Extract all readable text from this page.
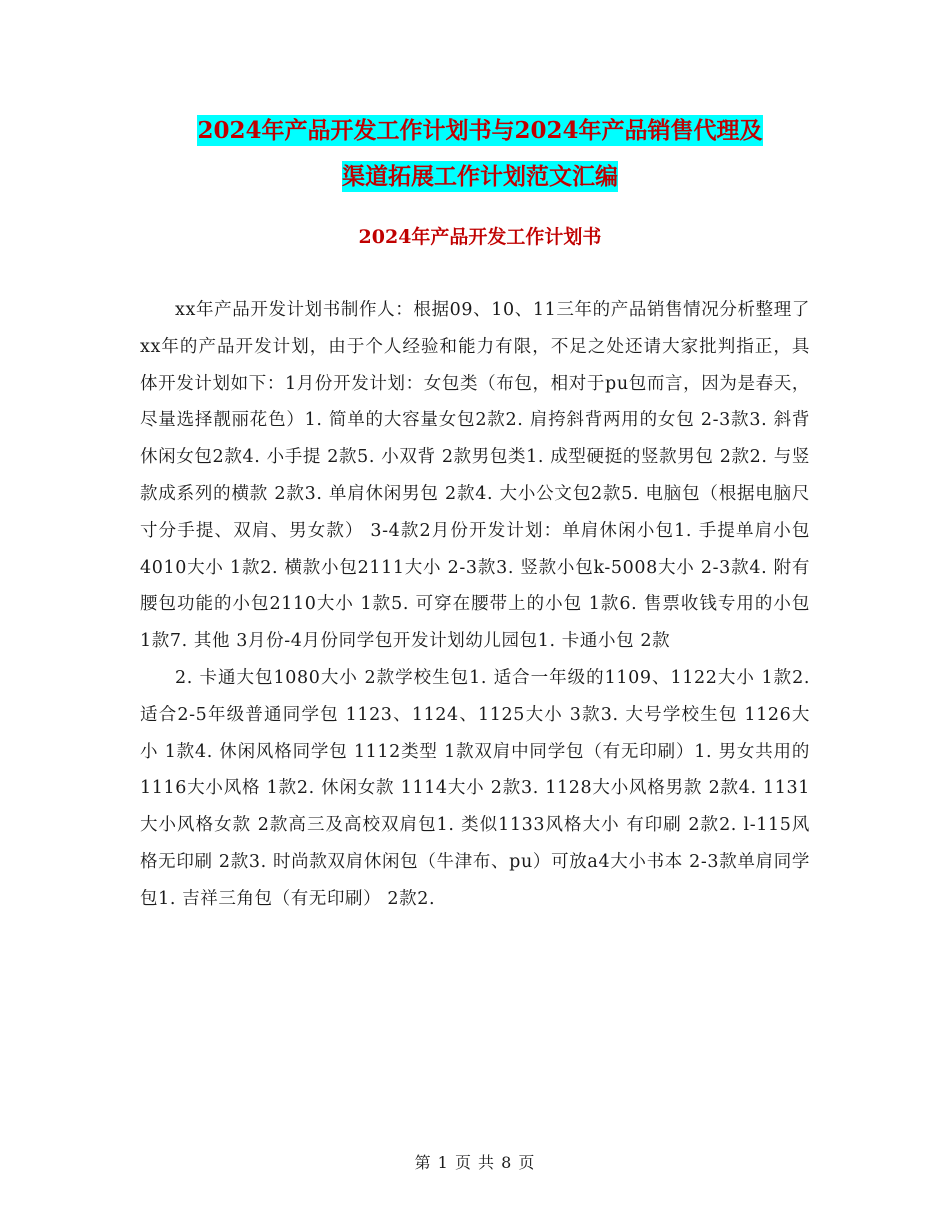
2024年产品开发工作计划书与2024年产品销售代理及
渠道拓展工作计划范文汇编
2024年产品开发工作计划书

xx年产品开发计划书制作人：根据09、10、11三年的产品销售情况分析整理了xx年的产品开发计划，由于个人经验和能力有限，不足之处还请大家批判指正，具体开发计划如下：1月份开发计划：女包类（布包，相对于pu包而言，因为是春天，尽量选择靓丽花色）1. 简单的大容量女包2款2. 肩挎斜背两用的女包 2-3款3. 斜背休闲女包2款4. 小手提 2款5. 小双背 2款男包类1. 成型硬挺的竖款男包 2款2. 与竖款成系列的横款 2款3. 单肩休闲男包 2款4. 大小公文包2款5. 电脑包（根据电脑尺寸分手提、双肩、男女款） 3-4款2月份开发计划：单肩休闲小包1. 手提单肩小包4010大小 1款2. 横款小包2111大小 2-3款3. 竖款小包k-5008大小 2-3款4. 附有腰包功能的小包2110大小 1款5. 可穿在腰带上的小包 1款6. 售票收钱专用的小包 1款7. 其他 3月份-4月份同学包开发计划幼儿园包1. 卡通小包 2款

2. 卡通大包1080大小 2款学校生包1. 适合一年级的1109、1122大小 1款2. 适合2-5年级普通同学包 1123、1124、1125大小 3款3. 大号学校生包 1126大小 1款4. 休闲风格同学包 1112类型 1款双肩中同学包（有无印刷）1. 男女共用的1116大小风格 1款2. 休闲女款 1114大小 2款3. 1128大小风格男款 2款4. 1131大小风格女款 2款高三及高校双肩包1. 类似1133风格大小 有印刷 2款2. l-115风格无印刷 2款3. 时尚款双肩休闲包（牛津布、pu）可放a4大小书本 2-3款单肩同学包1. 吉祥三角包（有无印刷） 2款2.

第 1 页 共 8 页
